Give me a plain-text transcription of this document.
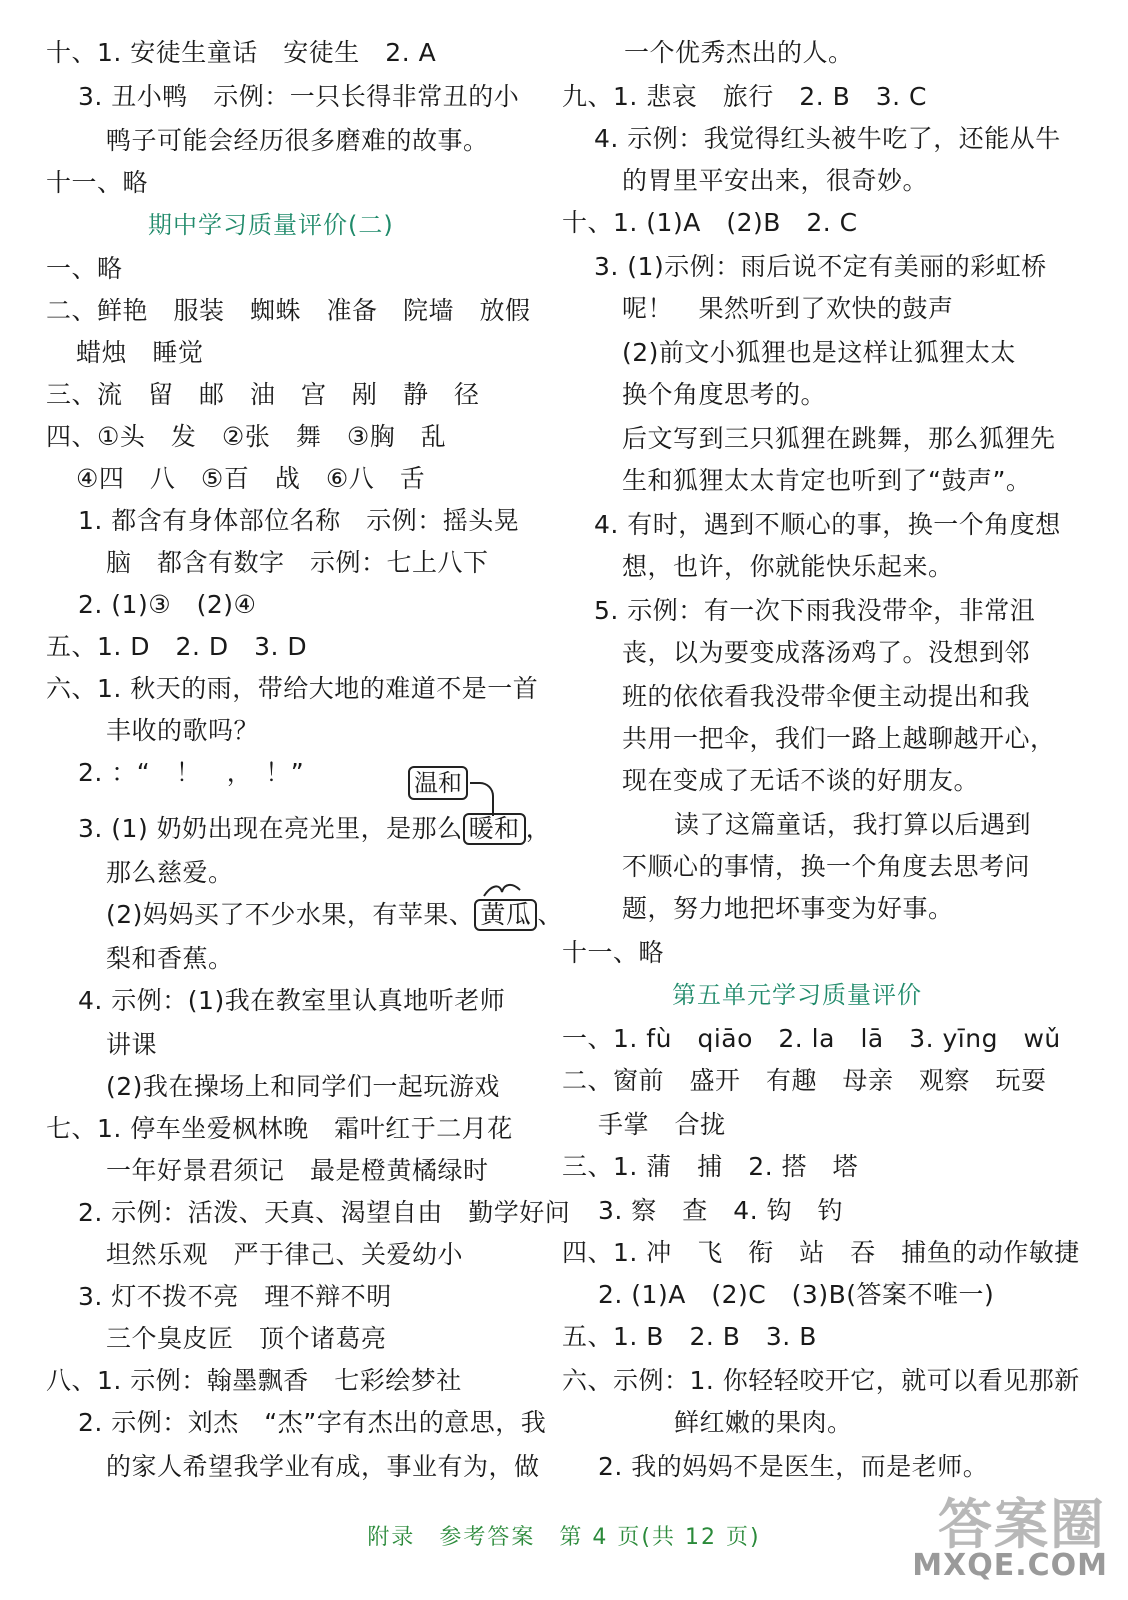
十、1. 安徒生童话　安徒生　2. A
3. 丑小鸭　示例：一只长得非常丑的小
鸭子可能会经历很多磨难的故事。
十一、略
期中学习质量评价(二)
一、略
二、鲜艳　服装　蜘蛛　准备　院墙　放假
蜡烛　睡觉
三、流　留　邮　油　宫　剐　静　径
四、①头　发　②张　舞　③胸　乱
④四　八　⑤百　战　⑥八　舌
1. 都含有身体部位名称　示例：摇头晃
脑　都含有数字　示例：七上八下
2. (1)③　(2)④
五、1. D　2. D　3. D
六、1. 秋天的雨，带给大地的难道不是一首
丰收的歌吗？
2. ：“　！　，　！”	温和
3. (1) 奶奶出现在亮光里，是那么 暖和 ，
那么慈爱。
(2)妈妈买了不少水果，有苹果、 黄瓜 、
梨和香蕉。
4. 示例：(1)我在教室里认真地听老师
讲课
(2)我在操场上和同学们一起玩游戏
七、1. 停车坐爱枫林晚　霜叶红于二月花
一年好景君须记　最是橙黄橘绿时
2. 示例：活泼、天真、渴望自由　勤学好问
坦然乐观　严于律己、关爱幼小
3. 灯不拨不亮　理不辩不明
三个臭皮匠　顶个诸葛亮
八、1. 示例：翰墨飘香　七彩绘梦社
2. 示例：刘杰　“杰”字有杰出的意思，我
的家人希望我学业有成，事业有为，做
一个优秀杰出的人。
九、1. 悲哀　旅行　2. B　3. C
4. 示例：我觉得红头被牛吃了，还能从牛
的胃里平安出来，很奇妙。
十、1. (1)A　(2)B　2. C
3. (1)示例：雨后说不定有美丽的彩虹桥
呢！　果然听到了欢快的鼓声
(2)前文小狐狸也是这样让狐狸太太
换个角度思考的。
后文写到三只狐狸在跳舞，那么狐狸先
生和狐狸太太肯定也听到了“鼓声”。
4. 有时，遇到不顺心的事，换一个角度想
想，也许，你就能快乐起来。
5. 示例：有一次下雨我没带伞，非常沮
丧，以为要变成落汤鸡了。没想到邻
班的依依看我没带伞便主动提出和我
共用一把伞，我们一路上越聊越开心，
现在变成了无话不谈的好朋友。
读了这篇童话，我打算以后遇到
不顺心的事情，换一个角度去思考问
题，努力地把坏事变为好事。
十一、略
第五单元学习质量评价
一、1. fù　qiāo　2. la　lā　3. yīng　wǔ
二、窗前　盛开　有趣　母亲　观察　玩耍
手掌　合拢
三、1. 蒲　捕　2. 搭　塔
3. 察　查　4. 钩　钓
四、1. 冲　飞　衔　站　吞　捕鱼的动作敏捷
2. (1)A　(2)C　(3)B(答案不唯一)
五、1. B　2. B　3. B
六、示例：1. 你轻轻咬开它，就可以看见那新
鲜红嫩的果肉。
2. 我的妈妈不是医生，而是老师。
附录　参考答案　第 4 页(共 12 页)	答案圈
MXQE.COM
